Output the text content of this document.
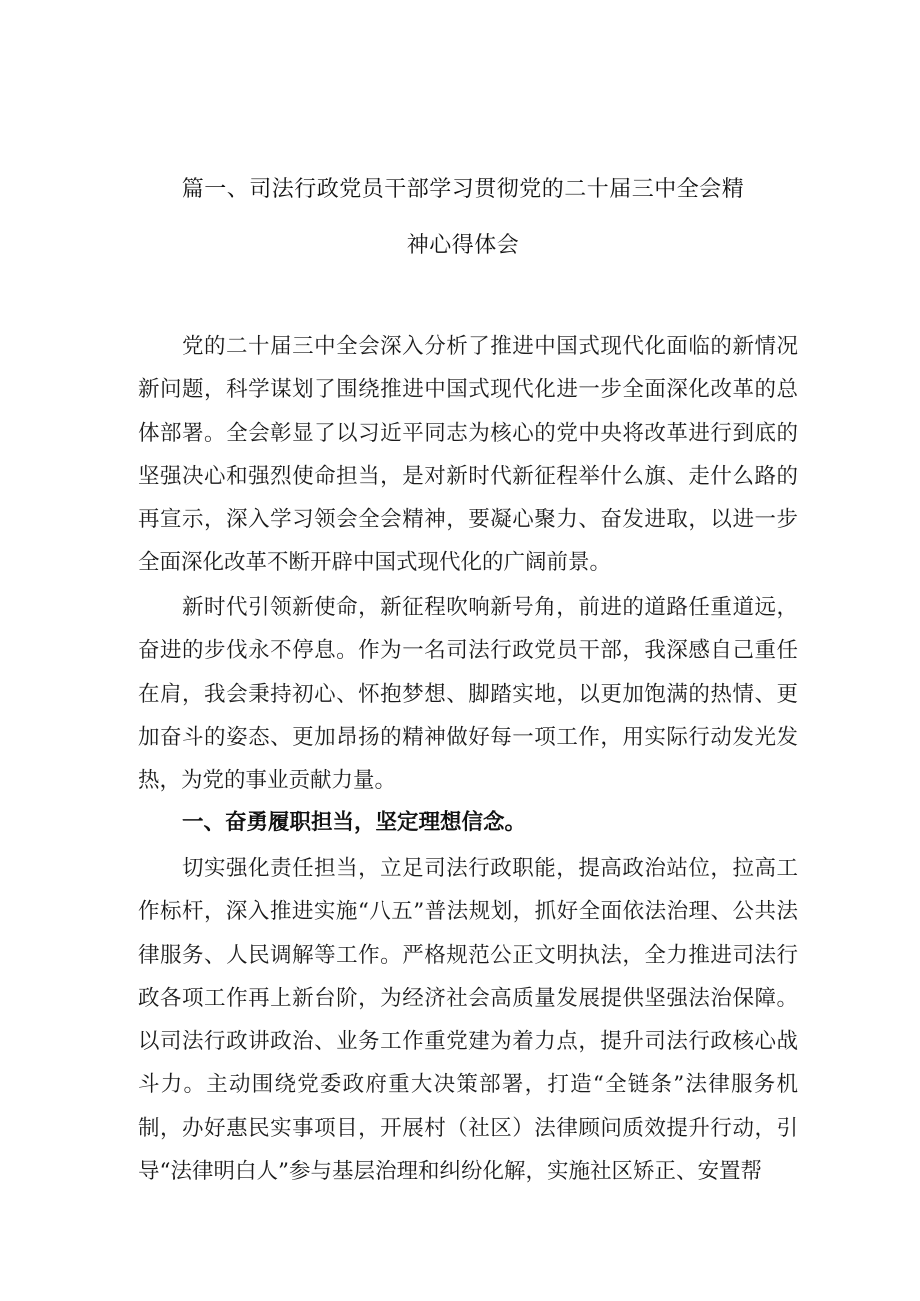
篇一、司法行政党员干部学习贯彻党的二十届三中全会精
神心得体会

党的二十届三中全会深入分析了推进中国式现代化面临的新情况新问题，科学谋划了围绕推进中国式现代化进一步全面深化改革的总体部署。全会彰显了以习近平同志为核心的党中央将改革进行到底的坚强决心和强烈使命担当，是对新时代新征程举什么旗、走什么路的再宣示，深入学习领会全会精神，要凝心聚力、奋发进取，以进一步全面深化改革不断开辟中国式现代化的广阔前景。

新时代引领新使命，新征程吹响新号角，前进的道路任重道远，奋进的步伐永不停息。作为一名司法行政党员干部，我深感自己重任在肩，我会秉持初心、怀抱梦想、脚踏实地，以更加饱满的热情、更加奋斗的姿态、更加昂扬的精神做好每一项工作，用实际行动发光发热，为党的事业贡献力量。

一、奋勇履职担当，坚定理想信念。

切实强化责任担当，立足司法行政职能，提高政治站位，拉高工作标杆，深入推进实施“八五”普法规划，抓好全面依法治理、公共法律服务、人民调解等工作。严格规范公正文明执法，全力推进司法行政各项工作再上新台阶，为经济社会高质量发展提供坚强法治保障。以司法行政讲政治、业务工作重党建为着力点，提升司法行政核心战斗力。主动围绕党委政府重大决策部署，打造“全链条”法律服务机制，办好惠民实事项目，开展村（社区）法律顾问质效提升行动，引导“法律明白人”参与基层治理和纠纷化解，实施社区矫正、安置帮
